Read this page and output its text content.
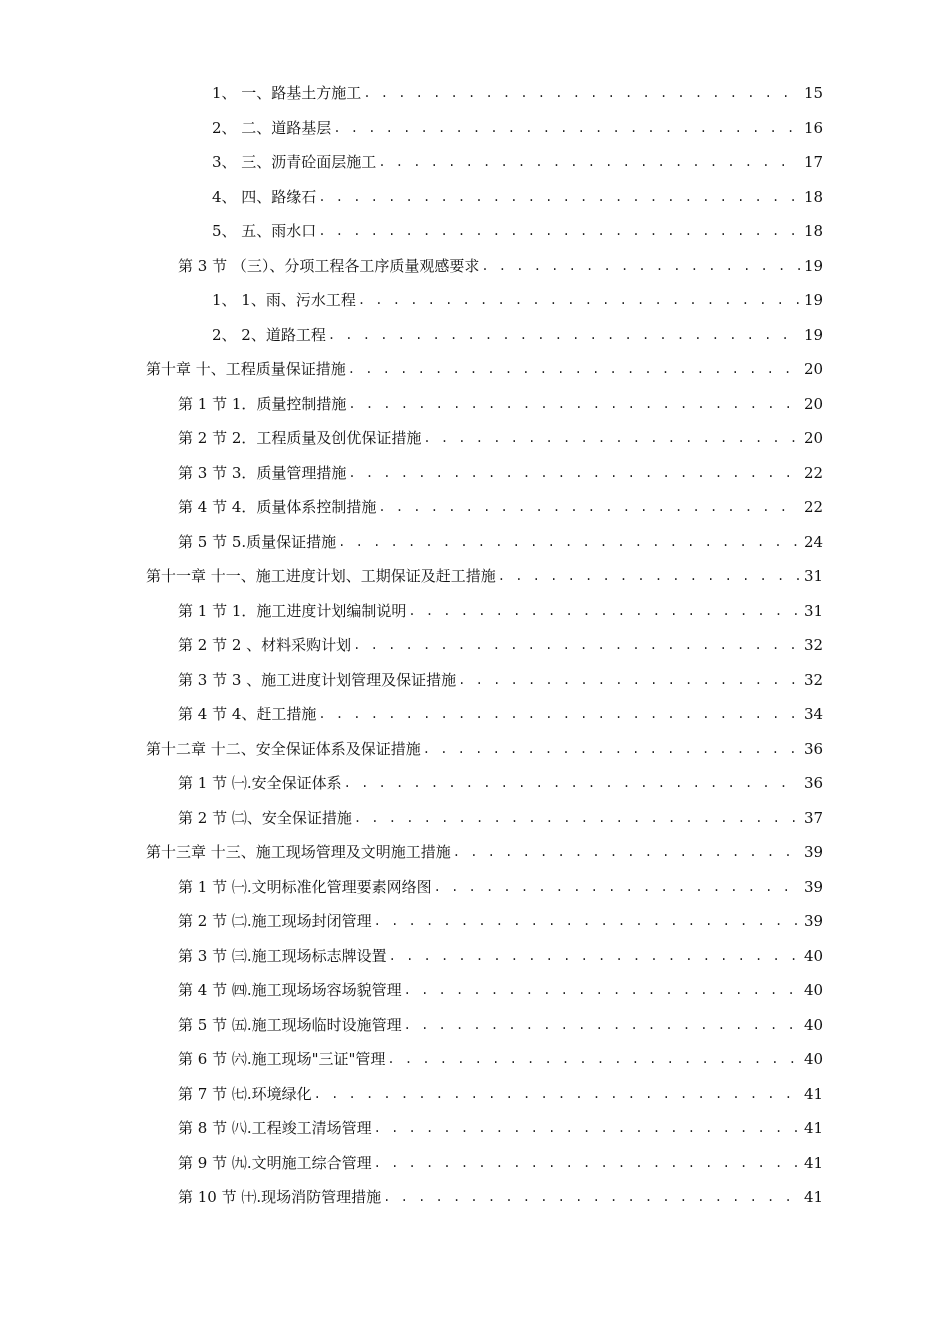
1、 一、路基土方施工 . . .	15
2、 二、道路基层 . . .	16
3、 三、沥青砼面层施工 . . .	17
4、 四、路缘石 . . .	18
5、 五、雨水口 . . .	18
第 3 节 （三）、分项工程各工序质量观感要求 . . .	19
1、 1、雨、污水工程 . . .	19
2、 2、道路工程 . . .	19
第十章 十、工程质量保证措施 . . .	20
第 1 节 1．质量控制措施 . . .	20
第 2 节 2．工程质量及创优保证措施 . . .	20
第 3 节 3．质量管理措施 . . .	22
第 4 节 4．质量体系控制措施 . . .	22
第 5 节 5.质量保证措施 . . .	24
第十一章 十一、施工进度计划、工期保证及赶工措施 . . .	31
第 1 节 1．施工进度计划编制说明 . . .	31
第 2 节 2 、材料采购计划 . . .	32
第 3 节 3 、施工进度计划管理及保证措施 . . .	32
第 4 节 4、赶工措施 . . .	34
第十二章 十二、安全保证体系及保证措施 . . .	36
第 1 节 ㈠.安全保证体系 . . .	36
第 2 节 ㈡、安全保证措施 . . .	37
第十三章 十三、施工现场管理及文明施工措施 . . .	39
第 1 节 ㈠.文明标准化管理要素网络图 . . .	39
第 2 节 ㈡.施工现场封闭管理 . . .	39
第 3 节 ㈢.施工现场标志牌设置 . . .	40
第 4 节 ㈣.施工现场场容场貌管理 . . .	40
第 5 节 ㈤.施工现场临时设施管理 . . .	40
第 6 节 ㈥.施工现场"三证"管理 . . .	40
第 7 节 ㈦.环境绿化 . . .	41
第 8 节 ㈧.工程竣工清场管理 . . .	41
第 9 节 ㈨.文明施工综合管理 . . .	41
第 10 节 ㈩.现场消防管理措施 . . .	41
